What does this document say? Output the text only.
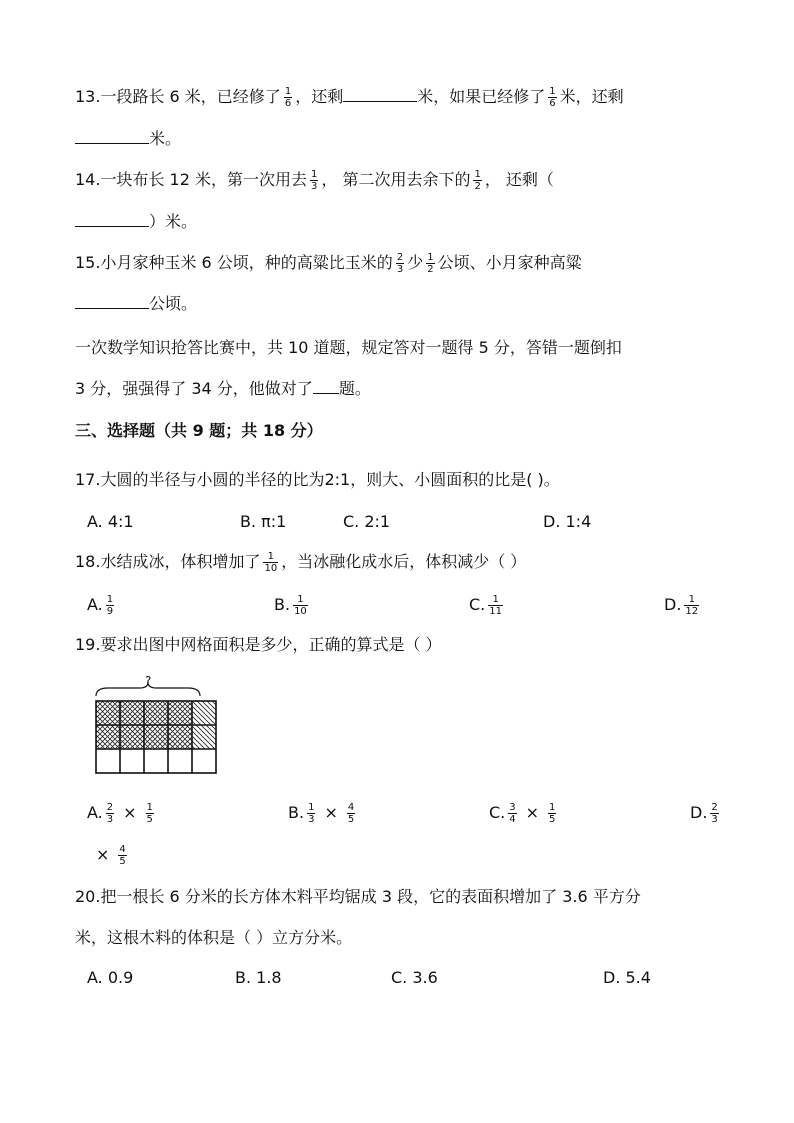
13.一段路长 6 米，已经修了 $\frac{1}{6}$ ，还剩	米，如果已经修了 $\frac{1}{6}$ 米，还剩
米。
14.一块布长 12 米，第一次用去 $\frac{1}{3}$ ， 第二次用去余下的 $\frac{1}{2}$ ， 还剩（
）米。
15.小月家种玉米 6 公顷，种的高粱比玉米的 $\frac{2}{3}$ 少 $\frac{1}{2}$ 公顷、小月家种高粱
公顷。
一次数学知识抢答比赛中，共 10 道题，规定答对一题得 5 分，答错一题倒扣
3 分，强强得了 34 分，他做对了 题。
三、选择题（共 9 题；共 18 分）
17.大圆的半径与小圆的半径的比为2:1，则大、小圆面积的比是( )。
A. 4:1	B. π:1	C. 2:1	D. 1:4
18.水结成冰，体积增加了 $\frac{1}{10}$ ，当冰融化成水后，体积减少（ ）
A. $\frac{1}{9}$	B. $\frac{1}{10}$	C. $\frac{1}{11}$	D. $\frac{1}{12}$
19.要求出图中网格面积是多少，正确的算式是（ ）
?
A. $\frac{2}{3} \times \frac{1}{5}$	B. $\frac{1}{3} \times \frac{4}{5}$	C. $\frac{3}{4} \times \frac{1}{5}$	D. $\frac{2}{3}$
× $\frac{4}{5}$
20.把一根长 6 分米的长方体木料平均锯成 3 段，它的表面积增加了 3.6 平方分
米，这根木料的体积是（ ）立方分米。
A. 0.9	B. 1.8	C. 3.6	D. 5.4
